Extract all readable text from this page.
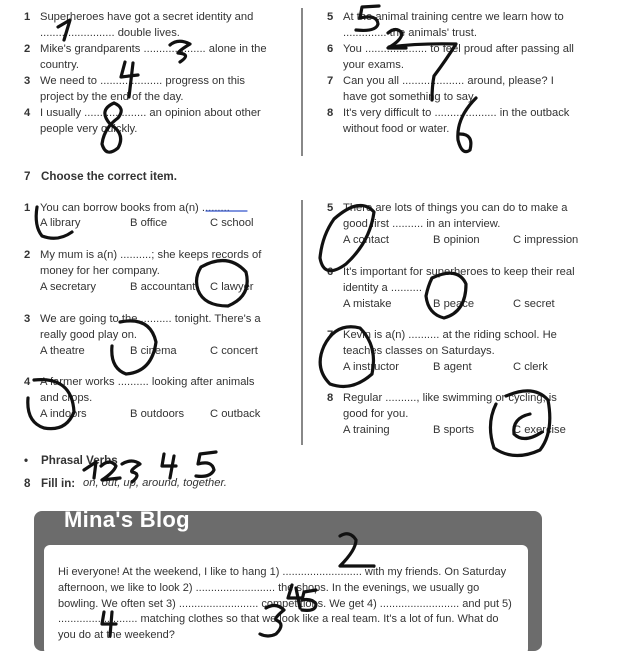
1 Superheroes have got a secret identity and
........................ double lives.
2 Mike's grandparents .................... alone in the
country.
3 We need to .................... progress on this
project by the end of the day.
4 I usually .................... an opinion about other
people very quickly.
5 At the animal training centre we learn how to
.............. the animals' trust.
6 You .................... to feel proud after passing all
your exams.
7 Can you all .................... around, please? I
have got something to say.
8 It's very difficult to .................... in the outback
without food or water.
7 Choose the correct item.
1 You can borrow books from a(n) .........
A library	B office	C school
2 My mum is a(n) ..........; she keeps records of
money for her company.
A secretary	B accountant C lawyer
3 We are going to the .......... tonight. There's a
really good play on.
A theatre	B cinema	C concert
4 A farmer works .......... looking after animals
and crops.
A indoors	B outdoors C outback
5 There are lots of things you can do to make a
good first .......... in an interview.
A contact	B opinion	C impression
6 It's important for superheroes to keep their real
identity a ..........
A mistake	B peace	C secret
7 Kevin is a(n) .......... at the riding school. He
teaches classes on Saturdays.
A instructor	B agent	C clerk
8 Regular .........., like swimming or cycling, is
good for you.
A training	B sports	C exercise
• Phrasal Verbs
8 Fill in: on, out, up, around, together.
Mina's Blog
Hi everyone! At the weekend, I like to hang 1) .......................... with my friends. On Saturday afternoon, we like to look 2) .......................... the shops. In the evenings, we usually go bowling. We often set 3) .......................... competitions. We get 4) .......................... and put 5) .......................... matching clothes so that we look like a real team. It's a lot of fun. What do you do at the weekend?
